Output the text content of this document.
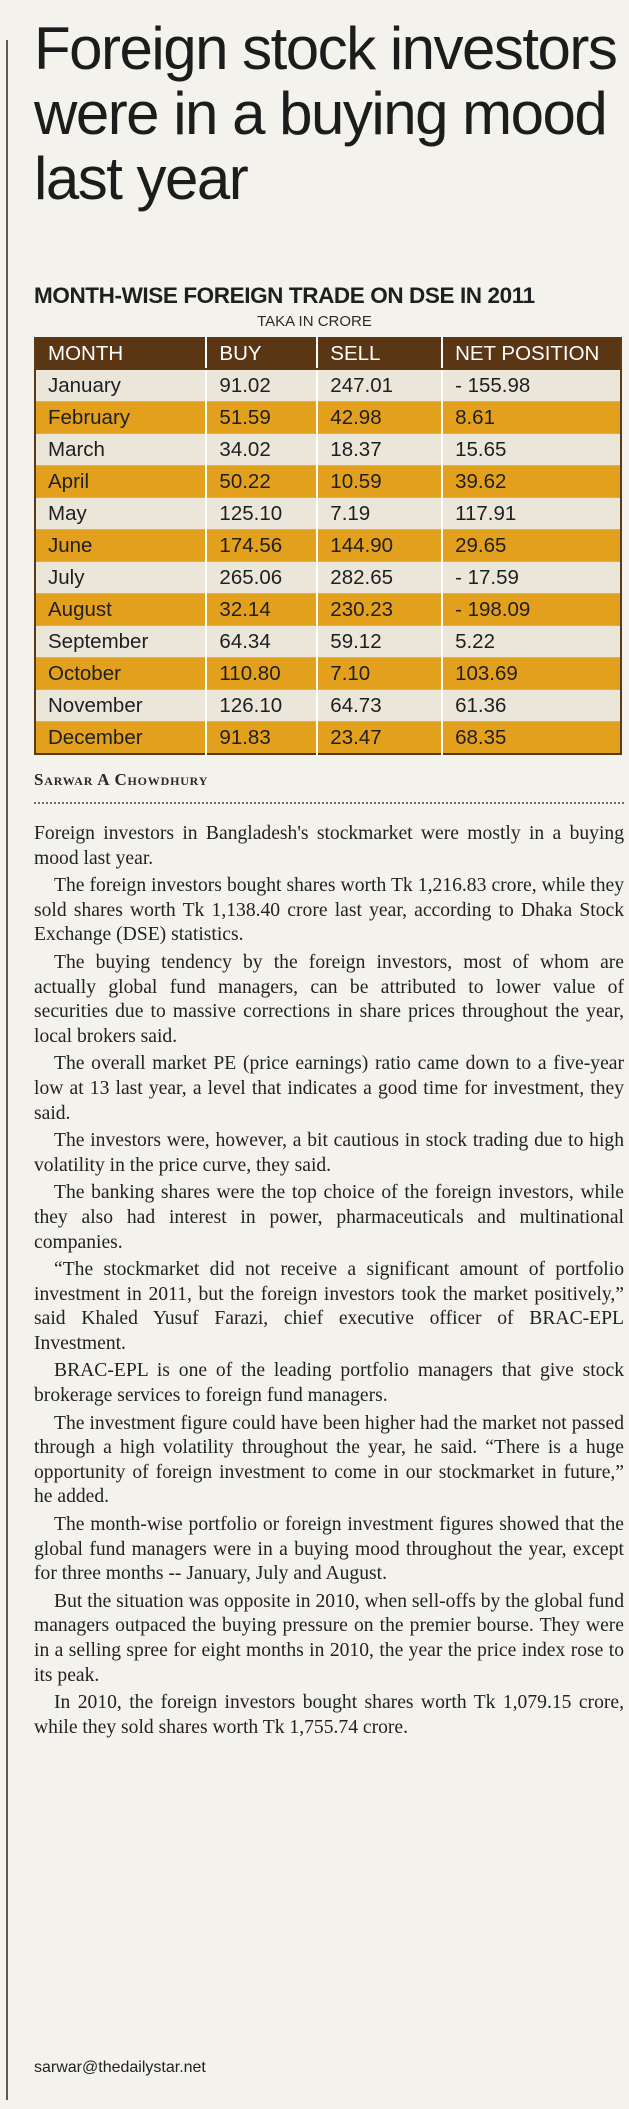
Foreign stock investors were in a buying mood last year
MONTH-WISE FOREIGN TRADE ON DSE IN 2011
TAKA IN CRORE
MONTH	BUY	SELL	NET POSITION
January	91.02	247.01	- 155.98
February	51.59	42.98	8.61
March	34.02	18.37	15.65
April	50.22	10.59	39.62
May	125.10	7.19	117.91
June	174.56	144.90	29.65
July	265.06	282.65	- 17.59
August	32.14	230.23	- 198.09
September	64.34	59.12	5.22
October	110.80	7.10	103.69
November	126.10	64.73	61.36
December	91.83	23.47	68.35
Sarwar A Chowdhury

Foreign investors in Bangladesh's stockmarket were mostly in a buying mood last year.

The foreign investors bought shares worth Tk 1,216.83 crore, while they sold shares worth Tk 1,138.40 crore last year, according to Dhaka Stock Exchange (DSE) statistics.

The buying tendency by the foreign investors, most of whom are actually global fund managers, can be attributed to lower value of securities due to massive corrections in share prices throughout the year, local brokers said.

The overall market PE (price earnings) ratio came down to a five-year low at 13 last year, a level that indicates a good time for investment, they said.

The investors were, however, a bit cautious in stock trading due to high volatility in the price curve, they said.

The banking shares were the top choice of the foreign investors, while they also had interest in power, pharmaceuticals and multinational companies.

“The stockmarket did not receive a significant amount of portfolio investment in 2011, but the foreign investors took the market positively,” said Khaled Yusuf Farazi, chief executive officer of BRAC-EPL Investment.

BRAC-EPL is one of the leading portfolio managers that give stock brokerage services to foreign fund managers.

The investment figure could have been higher had the market not passed through a high volatility throughout the year, he said. “There is a huge opportunity of foreign investment to come in our stockmarket in future,” he added.

The month-wise portfolio or foreign investment figures showed that the global fund managers were in a buying mood throughout the year, except for three months -- January, July and August.

But the situation was opposite in 2010, when sell-offs by the global fund managers outpaced the buying pressure on the premier bourse. They were in a selling spree for eight months in 2010, the year the price index rose to its peak.

In 2010, the foreign investors bought shares worth Tk 1,079.15 crore, while they sold shares worth Tk 1,755.74 crore.

sarwar@thedailystar.net
